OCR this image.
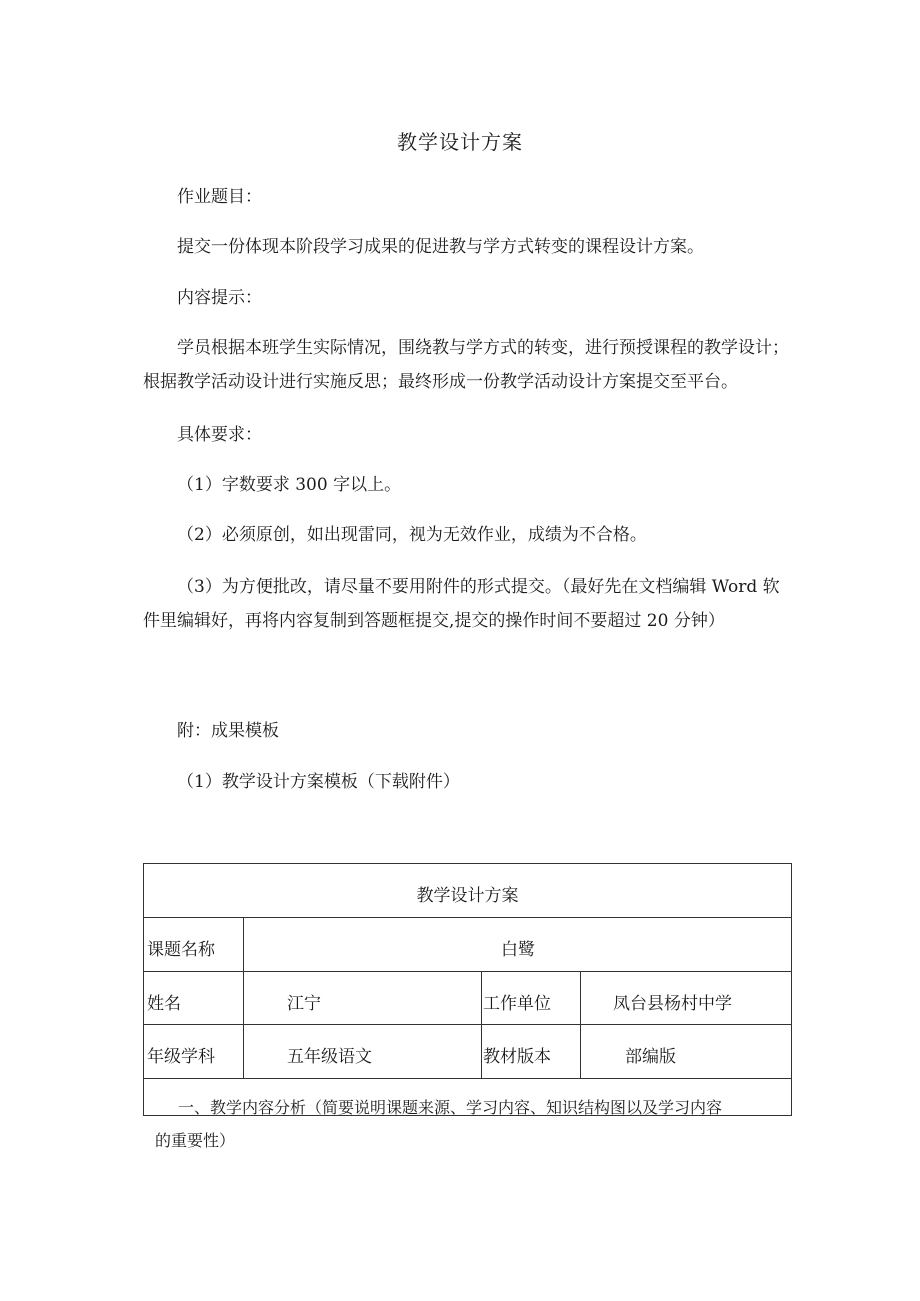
教学设计方案
作业题目：
提交一份体现本阶段学习成果的促进教与学方式转变的课程设计方案。
内容提示：
学员根据本班学生实际情况，围绕教与学方式的转变，进行预授课程的教学设计；
根据教学活动设计进行实施反思；最终形成一份教学活动设计方案提交至平台。
具体要求：
（1）字数要求 300 字以上。
（2）必须原创，如出现雷同，视为无效作业，成绩为不合格。
（3）为方便批改，请尽量不要用附件的形式提交。（最好先在文档编辑 Word 软
件里编辑好，再将内容复制到答题框提交,提交的操作时间不要超过 20 分钟）
附：成果模板
（1）教学设计方案模板（下载附件）
教学设计方案
课题名称	白鹭
姓名	江宁	工作单位	凤台县杨村中学
年级学科	五年级语文	教材版本	部编版
一、教学内容分析（简要说明课题来源、学习内容、知识结构图以及学习内容
的重要性）
